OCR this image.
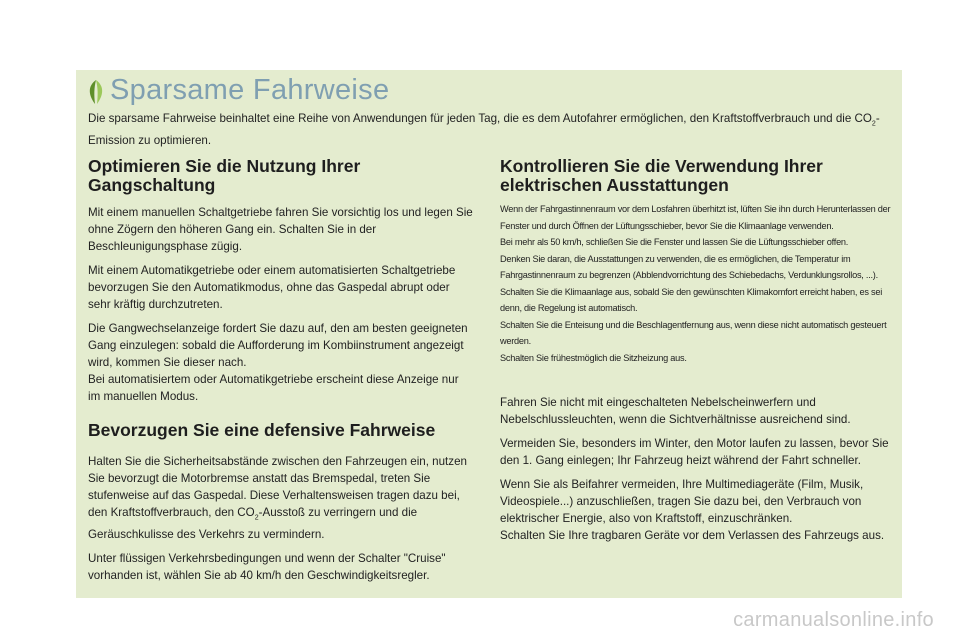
Sparsame Fahrweise
Die sparsame Fahrweise beinhaltet eine Reihe von Anwendungen für jeden Tag, die es dem Autofahrer ermöglichen, den Kraftstoffverbrauch und die $CO_2$-Emission zu optimieren.
Optimieren Sie die Nutzung Ihrer Gangschaltung

Mit einem manuellen Schaltgetriebe fahren Sie vorsichtig los und legen Sie ohne Zögern den höheren Gang ein. Schalten Sie in der Beschleunigungsphase zügig.

Mit einem Automatikgetriebe oder einem automatisierten Schaltgetriebe bevorzugen Sie den Automatikmodus, ohne das Gaspedal abrupt oder sehr kräftig durchzutreten.

Die Gangwechselanzeige fordert Sie dazu auf, den am besten geeigneten Gang einzulegen: sobald die Aufforderung im Kombiinstrument angezeigt wird, kommen Sie dieser nach.

Bei automatisiertem oder Automatikgetriebe erscheint diese Anzeige nur im manuellen Modus.

Bevorzugen Sie eine defensive Fahrweise

Halten Sie die Sicherheitsabstände zwischen den Fahrzeugen ein, nutzen Sie bevorzugt die Motorbremse anstatt das Bremspedal, treten Sie stufenweise auf das Gaspedal. Diese Verhaltensweisen tragen dazu bei, den Kraftstoffverbrauch, den $CO_2$-Ausstoß zu verringern und die Geräuschkulisse des Verkehrs zu vermindern.

Unter flüssigen Verkehrsbedingungen und wenn der Schalter "Cruise" vorhanden ist, wählen Sie ab 40 km/h den Geschwindigkeitsregler.

Kontrollieren Sie die Verwendung Ihrer elektrischen Ausstattungen

Wenn der Fahrgastinnenraum vor dem Losfahren überhitzt ist, lüften Sie ihn durch Herunterlassen der Fenster und durch Öffnen der Lüftungsschieber, bevor Sie die Klimaanlage verwenden.

Bei mehr als 50 km/h, schließen Sie die Fenster und lassen Sie die Lüftungsschieber offen.

Denken Sie daran, die Ausstattungen zu verwenden, die es ermöglichen, die Temperatur im Fahrgastinnenraum zu begrenzen (Abblendvorrichtung des Schiebedachs, Verdunklungsrollos, ...).

Schalten Sie die Klimaanlage aus, sobald Sie den gewünschten Klimakomfort erreicht haben, es sei denn, die Regelung ist automatisch.

Schalten Sie die Enteisung und die Beschlagentfernung aus, wenn diese nicht automatisch gesteuert werden.

Schalten Sie frühestmöglich die Sitzheizung aus.

Fahren Sie nicht mit eingeschalteten Nebelscheinwerfern und Nebelschlussleuchten, wenn die Sichtverhältnisse ausreichend sind.

Vermeiden Sie, besonders im Winter, den Motor laufen zu lassen, bevor Sie den 1. Gang einlegen; Ihr Fahrzeug heizt während der Fahrt schneller.

Wenn Sie als Beifahrer vermeiden, Ihre Multimediageräte (Film, Musik, Videospiele...) anzuschließen, tragen Sie dazu bei, den Verbrauch von elektrischer Energie, also von Kraftstoff, einzuschränken.

Schalten Sie Ihre tragbaren Geräte vor dem Verlassen des Fahrzeugs aus.

carmanualsonline.info
